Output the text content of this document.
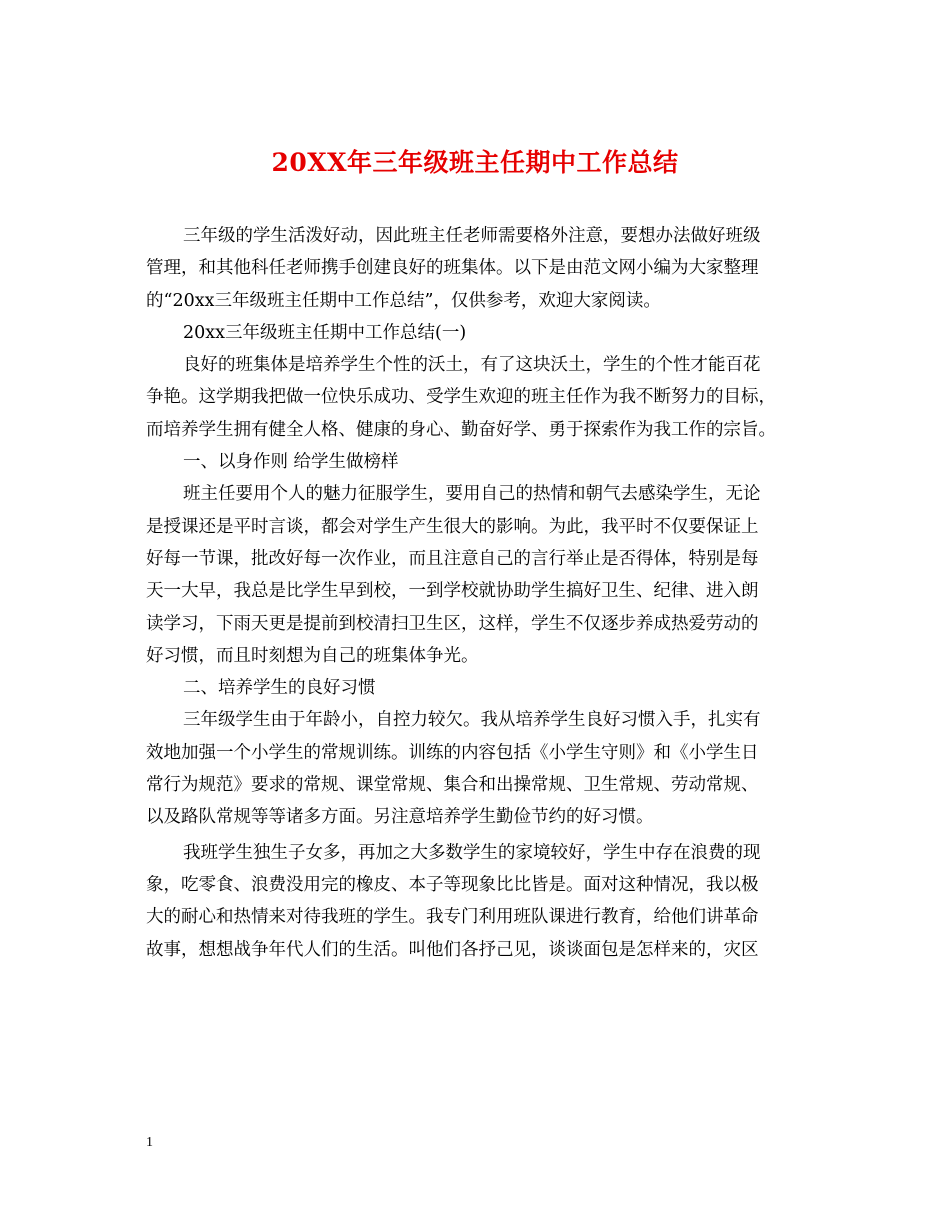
20XX年三年级班主任期中工作总结
三年级的学生活泼好动，因此班主任老师需要格外注意，要想办法做好班级
管理，和其他科任老师携手创建良好的班集体。以下是由范文网小编为大家整理
的“20xx三年级班主任期中工作总结”，仅供参考，欢迎大家阅读。
20xx三年级班主任期中工作总结(一)
良好的班集体是培养学生个性的沃土，有了这块沃土，学生的个性才能百花
争艳。这学期我把做一位快乐成功、受学生欢迎的班主任作为我不断努力的目标，
而培养学生拥有健全人格、健康的身心、勤奋好学、勇于探索作为我工作的宗旨。
一、以身作则 给学生做榜样
班主任要用个人的魅力征服学生，要用自己的热情和朝气去感染学生，无论
是授课还是平时言谈，都会对学生产生很大的影响。为此，我平时不仅要保证上
好每一节课，批改好每一次作业，而且注意自己的言行举止是否得体，特别是每
天一大早，我总是比学生早到校，一到学校就协助学生搞好卫生、纪律、进入朗
读学习，下雨天更是提前到校清扫卫生区，这样，学生不仅逐步养成热爱劳动的
好习惯，而且时刻想为自己的班集体争光。
二、培养学生的良好习惯
三年级学生由于年龄小，自控力较欠。我从培养学生良好习惯入手，扎实有
效地加强一个小学生的常规训练。训练的内容包括《小学生守则》和《小学生日
常行为规范》要求的常规、课堂常规、集合和出操常规、卫生常规、劳动常规、
以及路队常规等等诸多方面。另注意培养学生勤俭节约的好习惯。
我班学生独生子女多，再加之大多数学生的家境较好，学生中存在浪费的现
象，吃零食、浪费没用完的橡皮、本子等现象比比皆是。面对这种情况，我以极
大的耐心和热情来对待我班的学生。我专门利用班队课进行教育，给他们讲革命
故事，想想战争年代人们的生活。叫他们各抒己见，谈谈面包是怎样来的，灾区
1
